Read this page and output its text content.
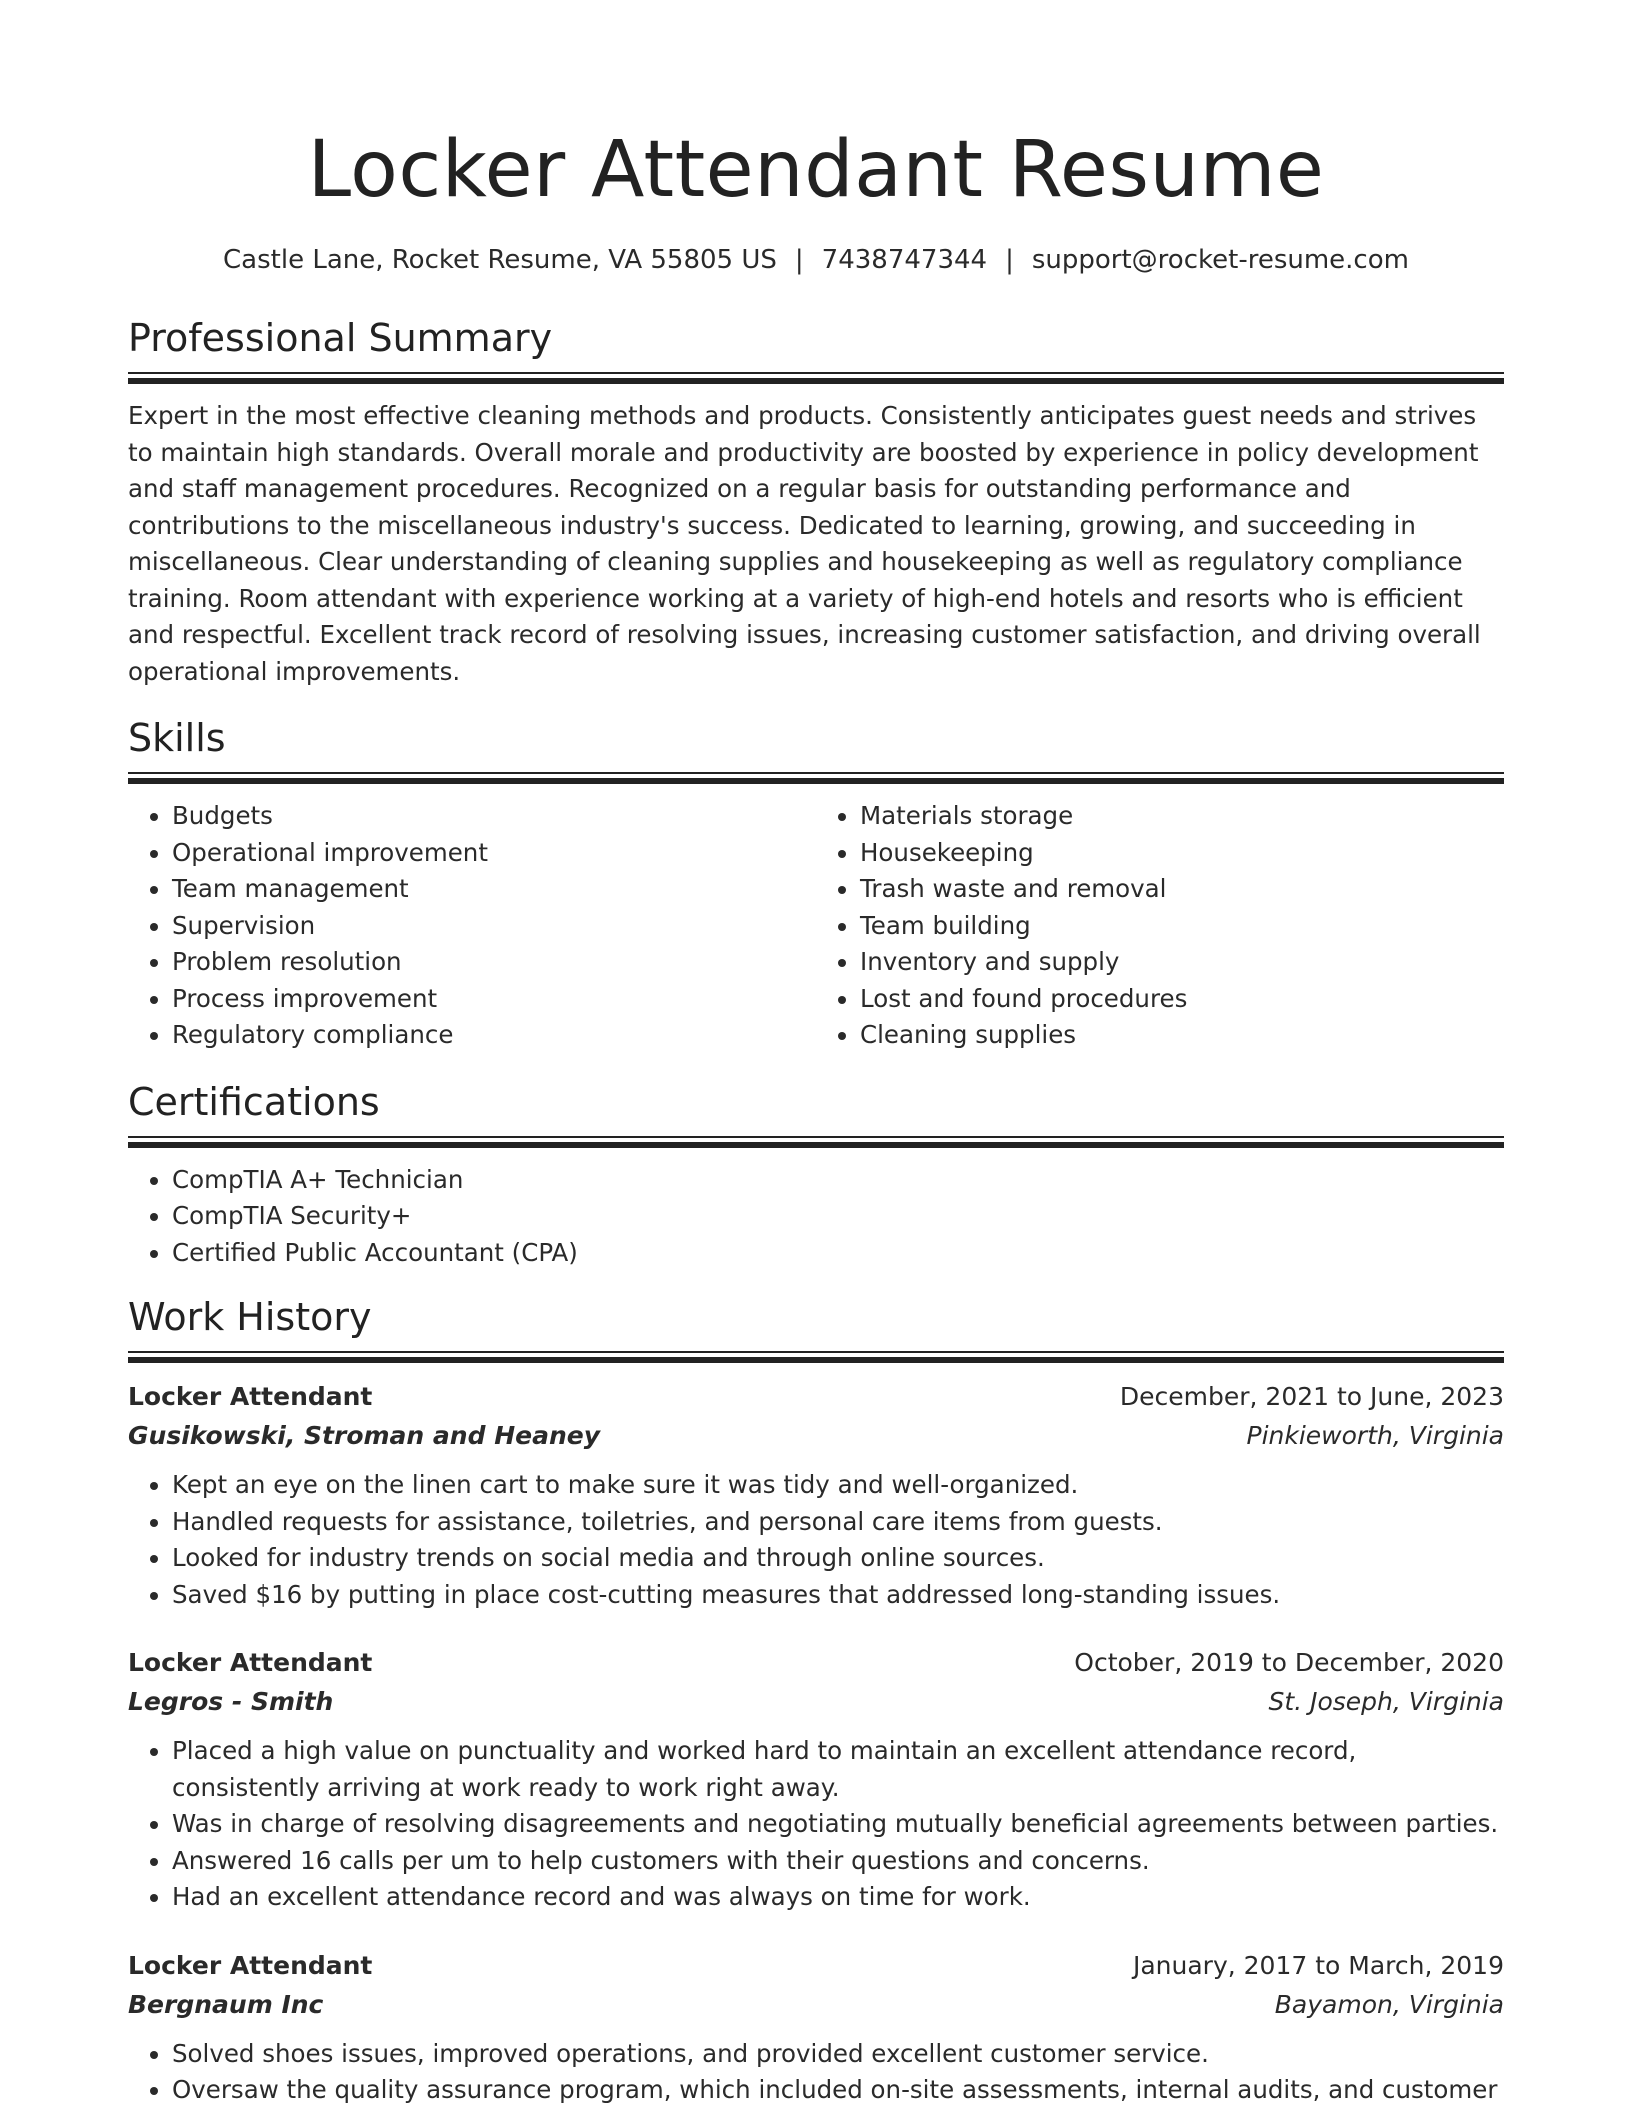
Locker Attendant Resume
Castle Lane, Rocket Resume, VA 55805 US | 7438747344 | support@rocket-resume.com
Professional Summary

Expert in the most effective cleaning methods and products. Consistently anticipates guest needs and strives to maintain high standards. Overall morale and productivity are boosted by experience in policy development and staff management procedures. Recognized on a regular basis for outstanding performance and contributions to the miscellaneous industry's success. Dedicated to learning, growing, and succeeding in miscellaneous. Clear understanding of cleaning supplies and housekeeping as well as regulatory compliance training. Room attendant with experience working at a variety of high-end hotels and resorts who is efficient and respectful. Excellent track record of resolving issues, increasing customer satisfaction, and driving overall operational improvements.

Skills
• Budgets
• Operational improvement
• Team management
• Supervision
• Problem resolution
• Process improvement
• Regulatory compliance
• Materials storage
• Housekeeping
• Trash waste and removal
• Team building
• Inventory and supply
• Lost and found procedures
• Cleaning supplies
Certifications
• CompTIA A+ Technician
• CompTIA Security+
• Certified Public Accountant (CPA)
Work History
Locker Attendant	December, 2021 to June, 2023
Gusikowski, Stroman and Heaney	Pinkieworth, Virginia
• Kept an eye on the linen cart to make sure it was tidy and well-organized.
• Handled requests for assistance, toiletries, and personal care items from guests.
• Looked for industry trends on social media and through online sources.
• Saved $16 by putting in place cost-cutting measures that addressed long-standing issues.
Locker Attendant	October, 2019 to December, 2020
Legros - Smith	St. Joseph, Virginia
• Placed a high value on punctuality and worked hard to maintain an excellent attendance record, consistently arriving at work ready to work right away.
• Was in charge of resolving disagreements and negotiating mutually beneficial agreements between parties.
• Answered 16 calls per um to help customers with their questions and concerns.
• Had an excellent attendance record and was always on time for work.
Locker Attendant	January, 2017 to March, 2019
Bergnaum Inc	Bayamon, Virginia
• Solved shoes issues, improved operations, and provided excellent customer service.
• Oversaw the quality assurance program, which included on-site assessments, internal audits, and customer
